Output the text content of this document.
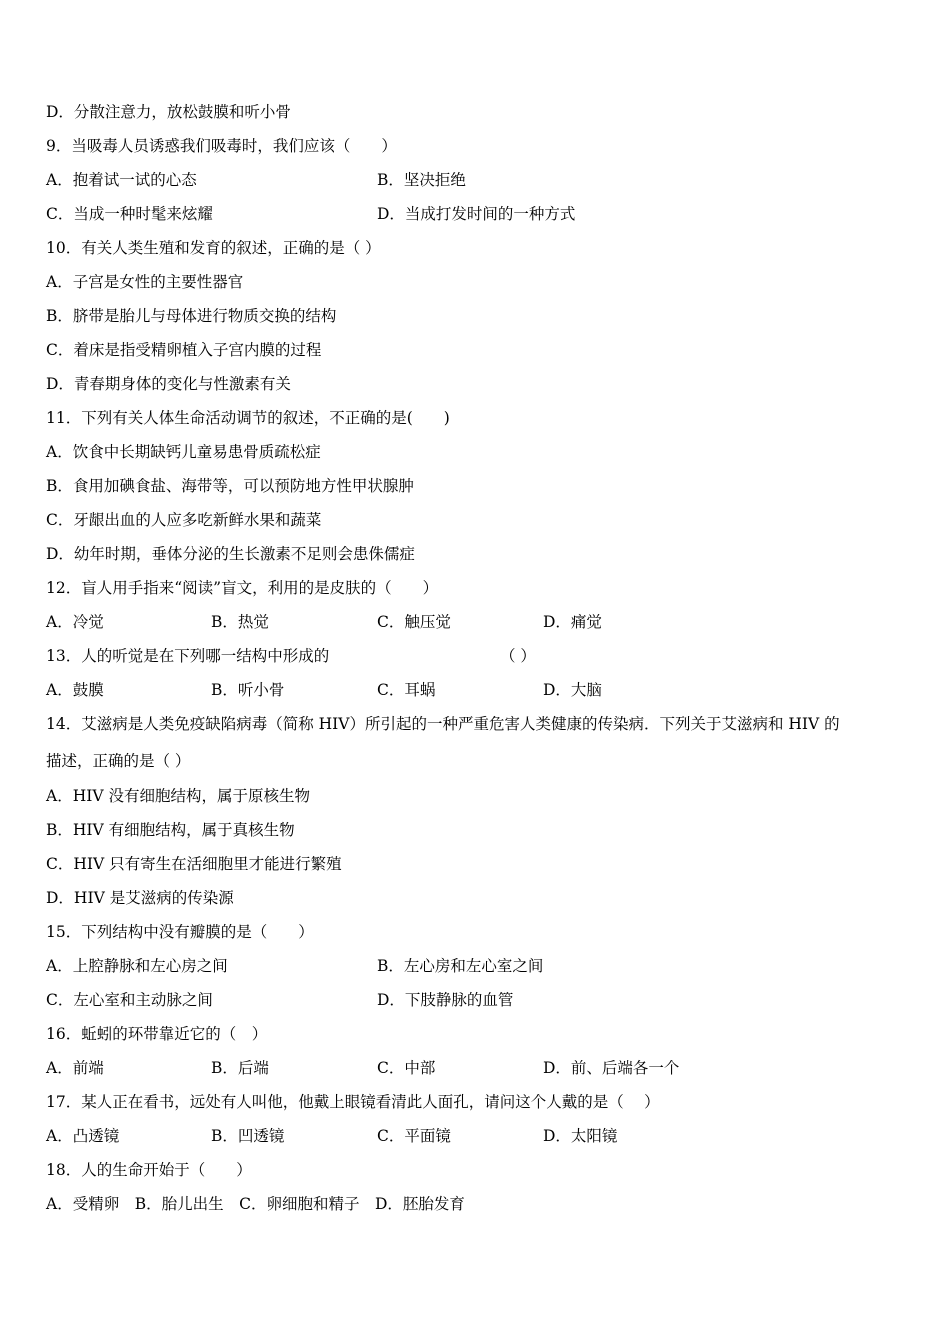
D．分散注意力，放松鼓膜和听小骨
9．当吸毒人员诱惑我们吸毒时，我们应该（　　）
A．抱着试一试的心态	B．坚决拒绝
C．当成一种时髦来炫耀	D．当成打发时间的一种方式
10．有关人类生殖和发育的叙述，正确的是（ ）
A．子宫是女性的主要性器官
B．脐带是胎儿与母体进行物质交换的结构
C．着床是指受精卵植入子宫内膜的过程
D．青春期身体的变化与性激素有关
11．下列有关人体生命活动调节的叙述，不正确的是(　　)
A．饮食中长期缺钙儿童易患骨质疏松症
B．食用加碘食盐、海带等，可以预防地方性甲状腺肿
C．牙龈出血的人应多吃新鲜水果和蔬菜
D．幼年时期，垂体分泌的生长激素不足则会患侏儒症
12．盲人用手指来“阅读”盲文，利用的是皮肤的（　　）
A．冷觉	B．热觉	C．触压觉	D．痛觉
13．人的听觉是在下列哪一结构中形成的	（ ）
A．鼓膜	B．听小骨	C．耳蜗	D．大脑
14．艾滋病是人类免疫缺陷病毒（简称 HIV）所引起的一种严重危害人类健康的传染病．下列关于艾滋病和 HIV 的
描述，正确的是（ ）
A．HIV 没有细胞结构，属于原核生物
B．HIV 有细胞结构，属于真核生物
C．HIV 只有寄生在活细胞里才能进行繁殖
D．HIV 是艾滋病的传染源
15．下列结构中没有瓣膜的是（　　）
A．上腔静脉和左心房之间	B．左心房和左心室之间
C．左心室和主动脉之间	D．下肢静脉的血管
16．蚯蚓的环带靠近它的（　）
A．前端	B．后端	C．中部	D．前、后端各一个
17．某人正在看书，远处有人叫他，他戴上眼镜看清此人面孔，请问这个人戴的是（　 ）
A．凸透镜	B．凹透镜	C．平面镜	D．太阳镜
18．人的生命开始于（　　）
A．受精卵　B．胎儿出生　C．卵细胞和精子　D．胚胎发育
